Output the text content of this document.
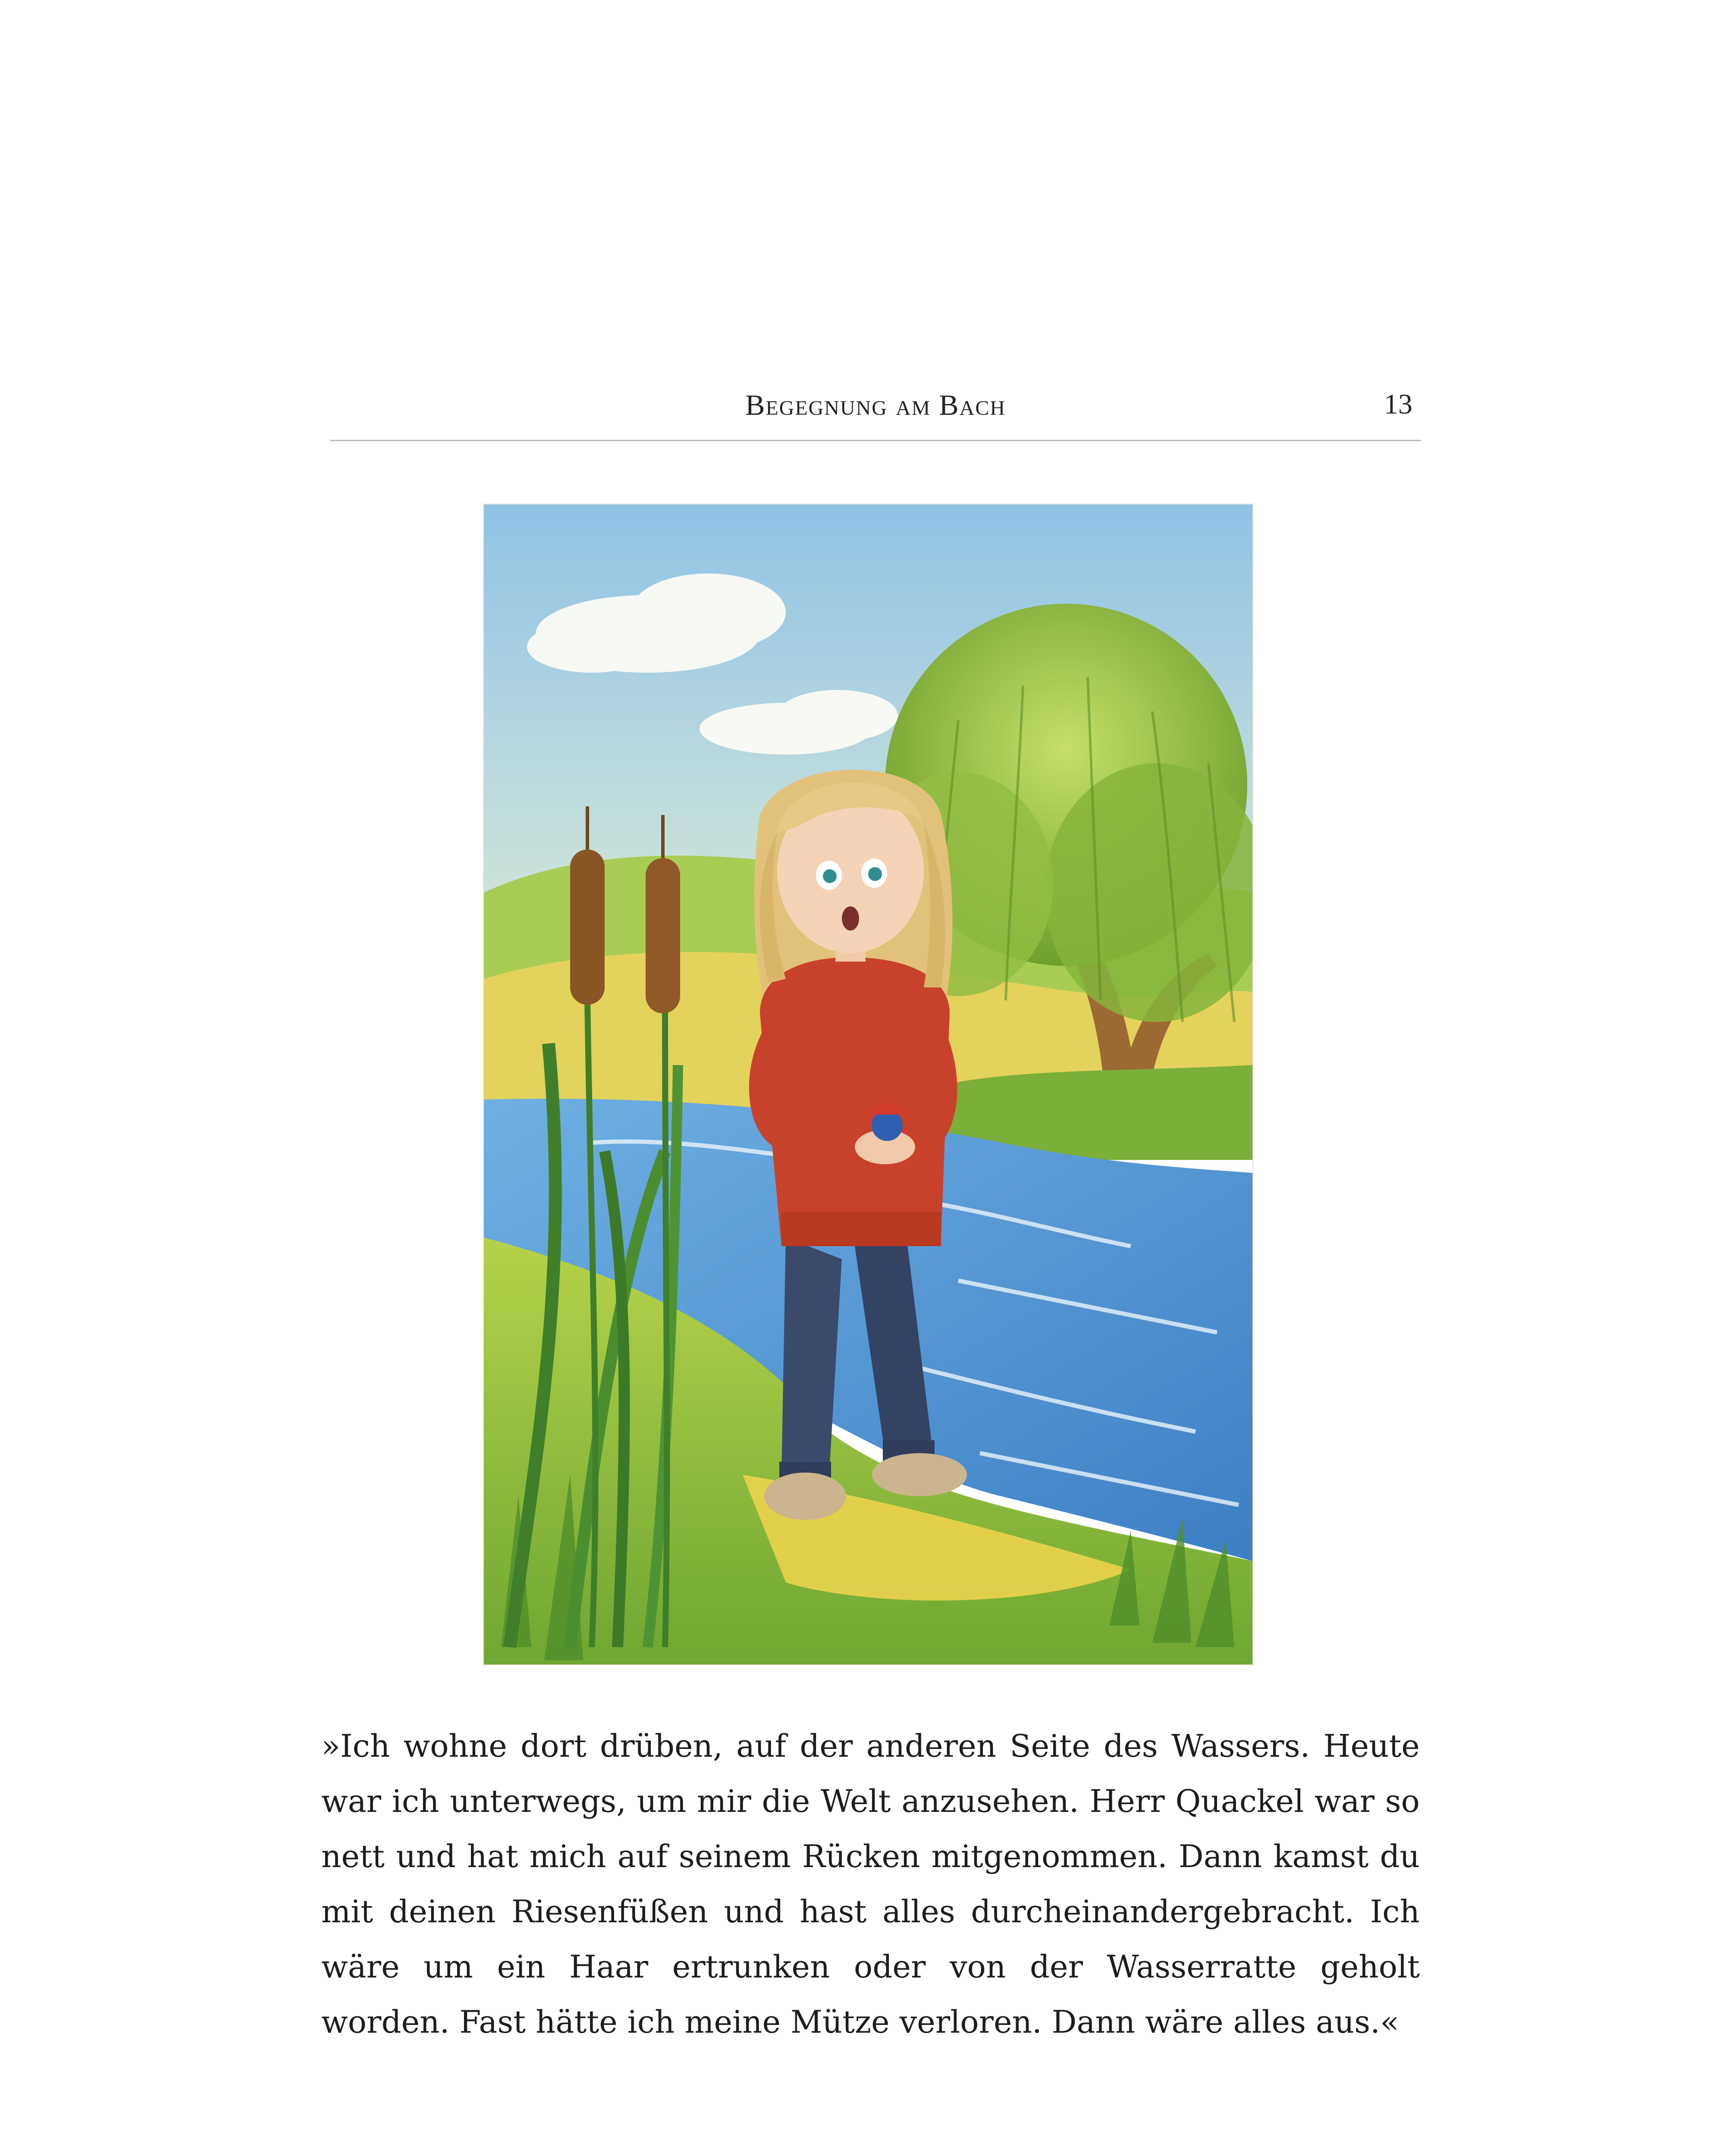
Begegnung am Bach	13
»Ich wohne dort drüben, auf der anderen Seite des Wassers. Heute
war ich unterwegs, um mir die Welt anzusehen. Herr Quackel war so
nett und hat mich auf seinem Rücken mitgenommen. Dann kamst du
mit deinen Riesenfüßen und hast alles durcheinandergebracht. Ich
wäre um ein Haar ertrunken oder von der Wasserratte geholt
worden. Fast hätte ich meine Mütze verloren. Dann wäre alles aus.«
